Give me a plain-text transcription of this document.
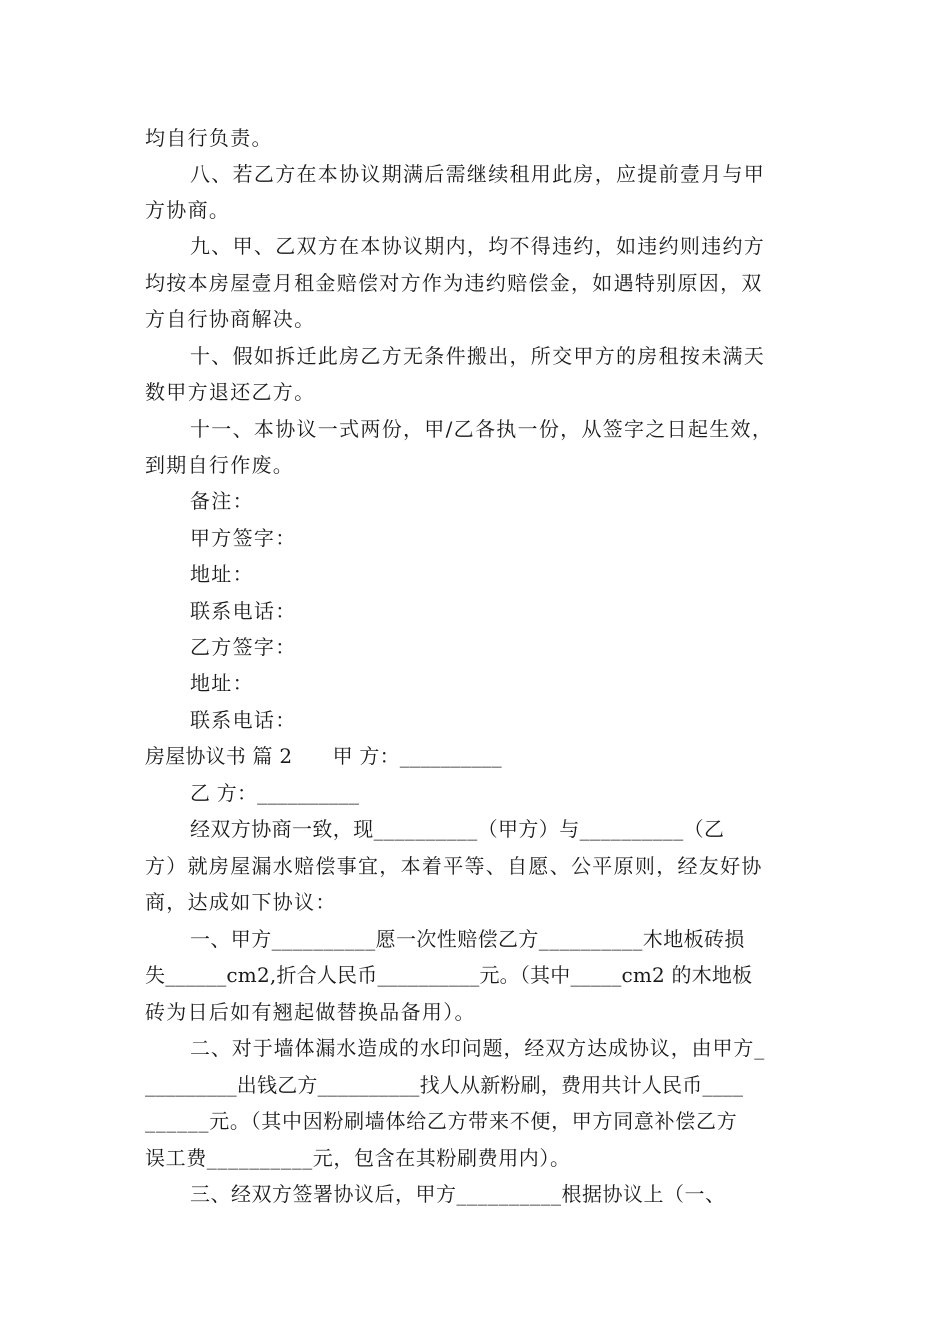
均自行负责。
八、若乙方在本协议期满后需继续租用此房，应提前壹月与甲
方协商。
九、甲、乙双方在本协议期内，均不得违约，如违约则违约方
均按本房屋壹月租金赔偿对方作为违约赔偿金，如遇特别原因，双
方自行协商解决。
十、假如拆迁此房乙方无条件搬出，所交甲方的房租按未满天
数甲方退还乙方。
十一、本协议一式两份，甲/乙各执一份，从签字之日起生效，
到期自行作废。
备注：
甲方签字：
地址：
联系电话：
乙方签字：
地址：
联系电话：
房屋协议书 篇 2　　甲 方：__________
乙 方：__________
经双方协商一致，现__________（甲方）与__________（乙
方）就房屋漏水赔偿事宜，本着平等、自愿、公平原则，经友好协
商，达成如下协议：
一、甲方__________愿一次性赔偿乙方__________木地板砖损
失______cm2,折合人民币__________元。（其中_____cm2 的木地板
砖为日后如有翘起做替换品备用）。
二、对于墙体漏水造成的水印问题，经双方达成协议，由甲方_
_________出钱乙方__________找人从新粉刷，费用共计人民币____
______元。（其中因粉刷墙体给乙方带来不便，甲方同意补偿乙方
误工费__________元，包含在其粉刷费用内）。
三、经双方签署协议后，甲方__________根据协议上（一、
